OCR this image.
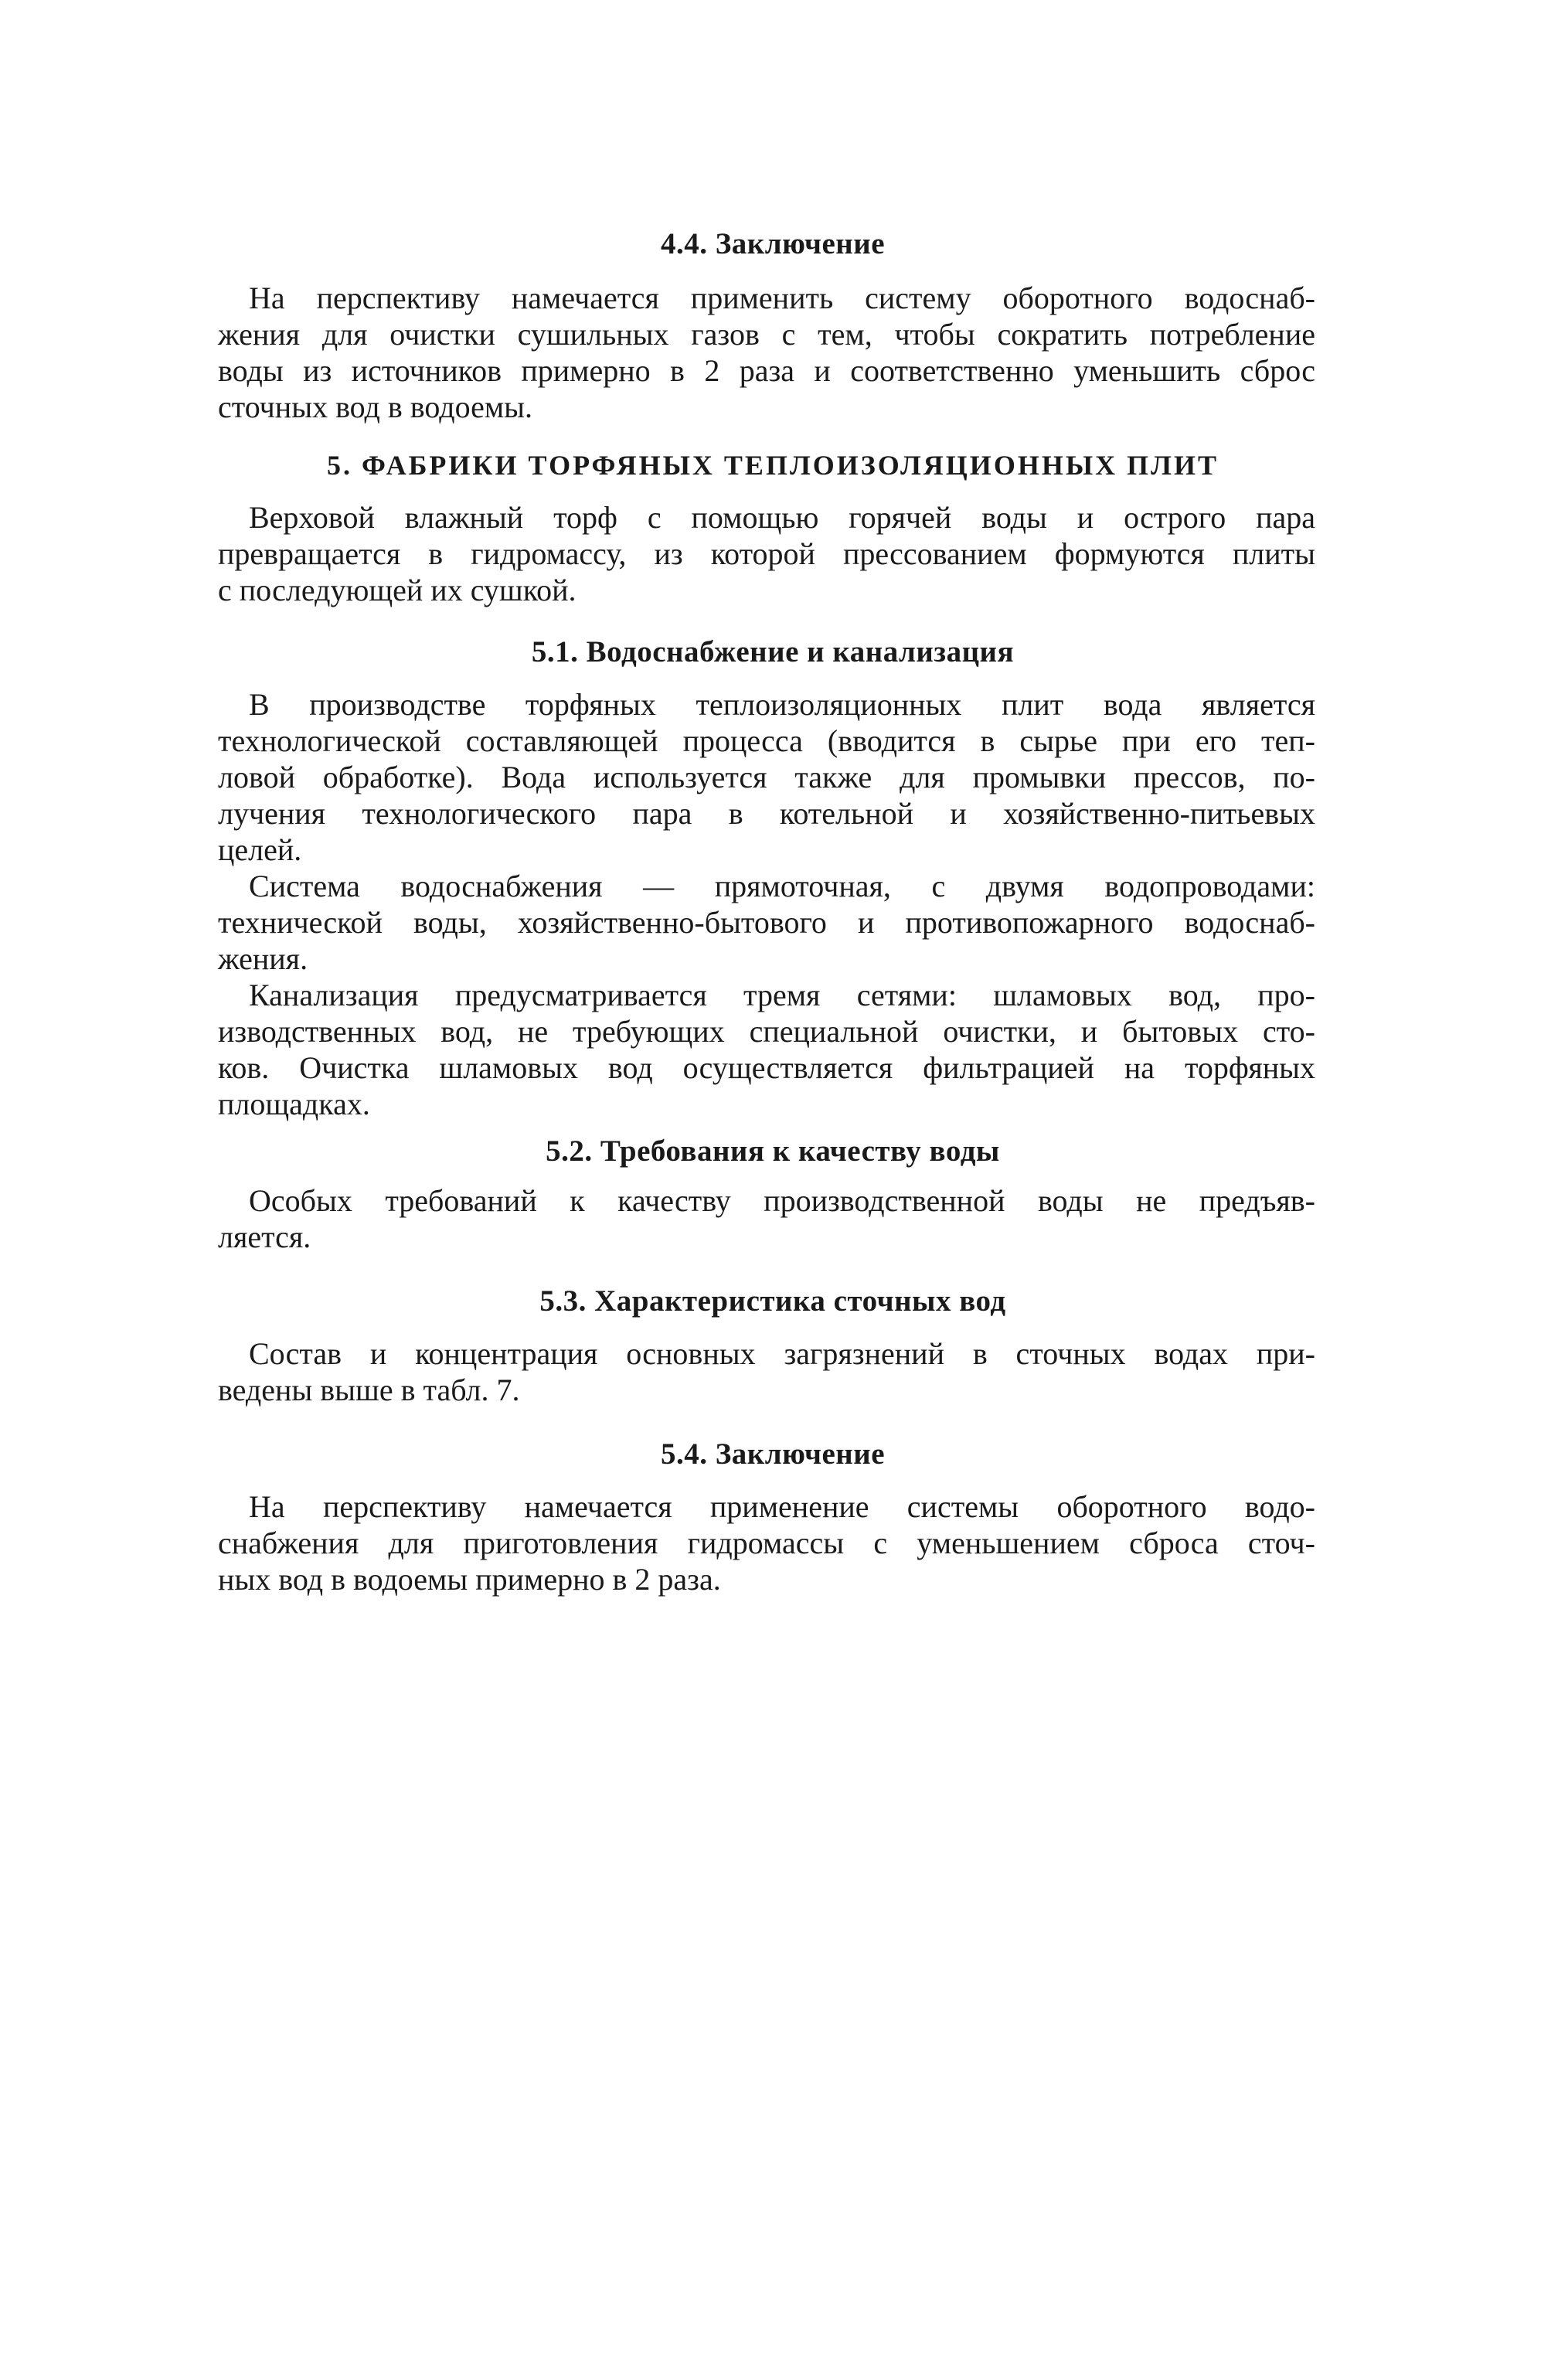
4.4. Заключение
На перспективу намечается применить систему оборотного водоснаб-
жения для очистки сушильных газов с тем, чтобы сократить потребление
воды из источников примерно в 2 раза и соответственно уменьшить сброс
сточных вод в водоемы.
5. ФАБРИКИ ТОРФЯНЫХ ТЕПЛОИЗОЛЯЦИОННЫХ ПЛИТ
Верховой влажный торф с помощью горячей воды и острого пара
превращается в гидромассу, из которой прессованием формуются плиты
с последующей их сушкой.
5.1. Водоснабжение и канализация
В производстве торфяных теплоизоляционных плит вода является
технологической составляющей процесса (вводится в сырье при его теп-
ловой обработке). Вода используется также для промывки прессов, по-
лучения технологического пара в котельной и хозяйственно-питьевых
целей.
Система водоснабжения — прямоточная, с двумя водопроводами:
технической воды, хозяйственно-бытового и противопожарного водоснаб-
жения.
Канализация предусматривается тремя сетями: шламовых вод, про-
изводственных вод, не требующих специальной очистки, и бытовых сто-
ков. Очистка шламовых вод осуществляется фильтрацией на торфяных
площадках.
5.2. Требования к качеству воды
Особых требований к качеству производственной воды не предъяв-
ляется.
5.3. Характеристика сточных вод
Состав и концентрация основных загрязнений в сточных водах при-
ведены выше в табл. 7.
5.4. Заключение
На перспективу намечается применение системы оборотного водо-
снабжения для приготовления гидромассы с уменьшением сброса сточ-
ных вод в водоемы примерно в 2 раза.
